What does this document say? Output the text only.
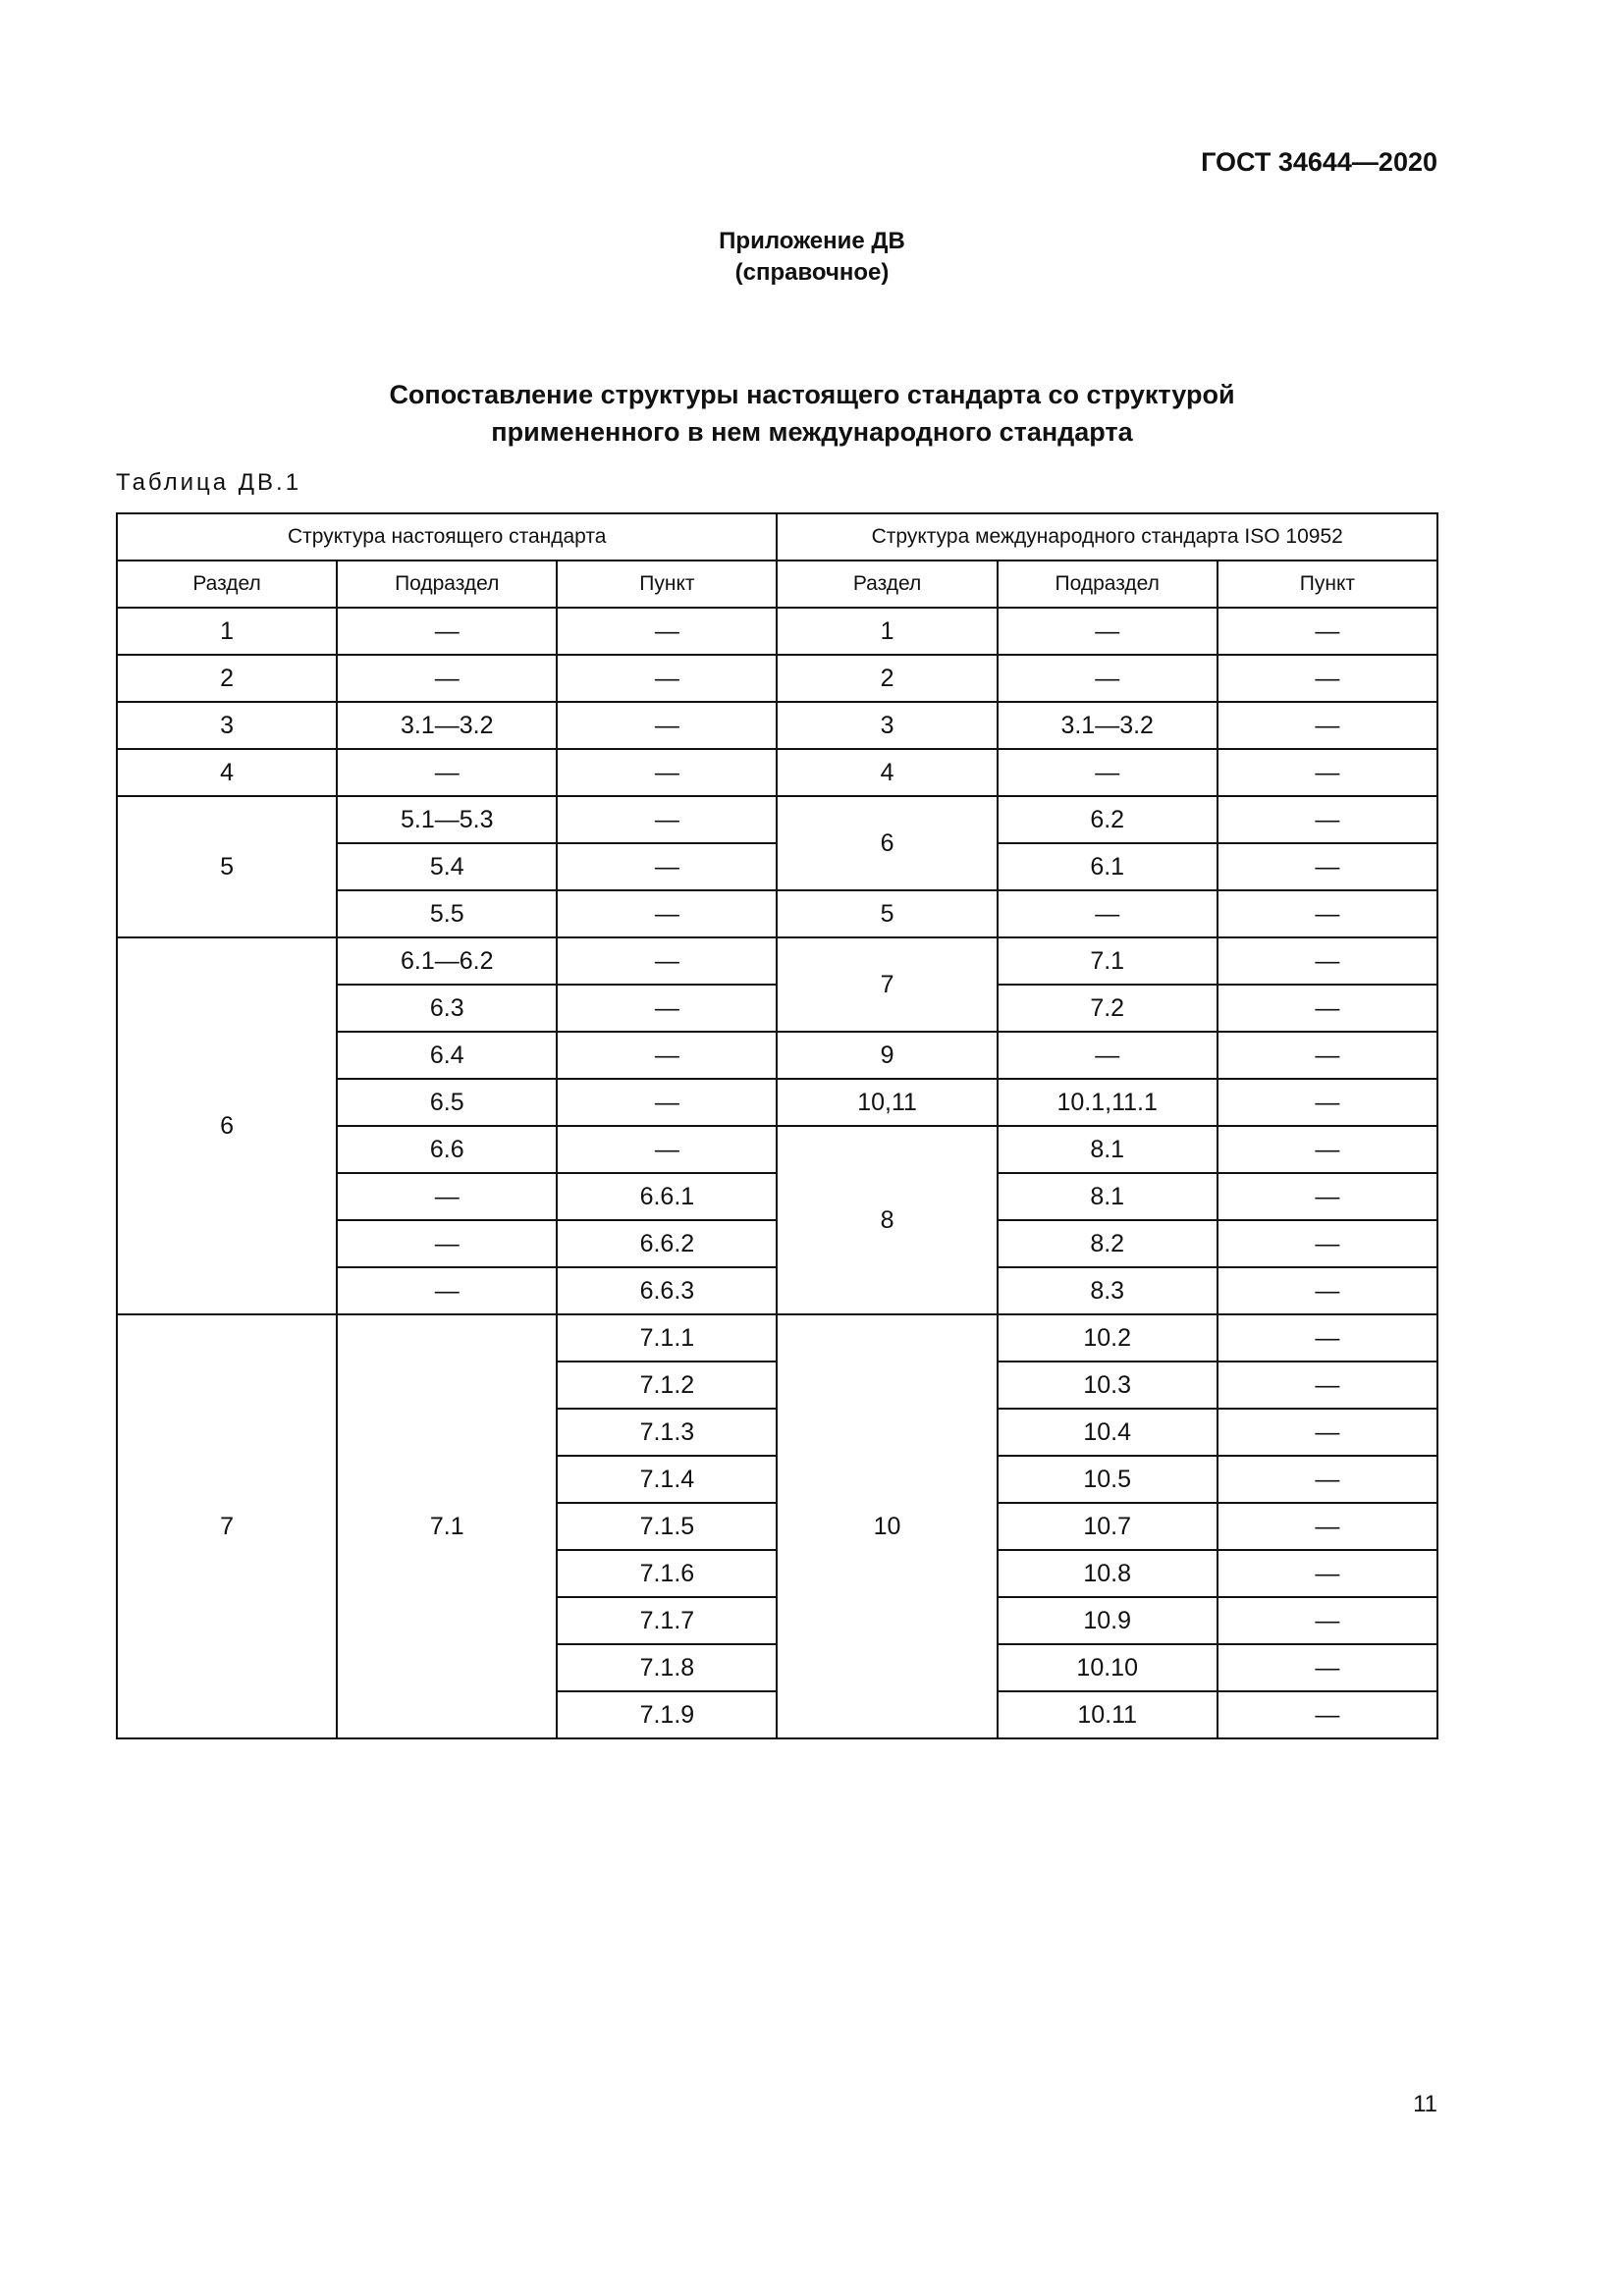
ГОСТ 34644—2020
Приложение ДВ
(справочное)
Сопоставление структуры настоящего стандарта со структурой
примененного в нем международного стандарта
Таблица ДВ.1
Структура настоящего стандарта			Структура международного стандарта ISO 10952		
Раздел	Подраздел	Пункт	Раздел	Подраздел	Пункт
1	—	—	1	—	—
2	—	—	2	—	—
3	3.1—3.2	—	3	3.1—3.2	—
4	—	—	4	—	—
5	5.1—5.3	—	6	6.2	—
	5.4	—		6.1	—
	5.5	—	5	—	—
6	6.1—6.2	—	7	7.1	—
	6.3	—		7.2	—
	6.4	—	9	—	—
	6.5	—	10,11	10.1,11.1	—
	6.6	—	8	8.1	—
	—	6.6.1		8.1	—
	—	6.6.2		8.2	—
	—	6.6.3		8.3	—
7	7.1	7.1.1	10	10.2	—
		7.1.2		10.3	—
		7.1.3		10.4	—
		7.1.4		10.5	—
		7.1.5		10.7	—
		7.1.6		10.8	—
		7.1.7		10.9	—
		7.1.8		10.10	—
		7.1.9		10.11	—
11
